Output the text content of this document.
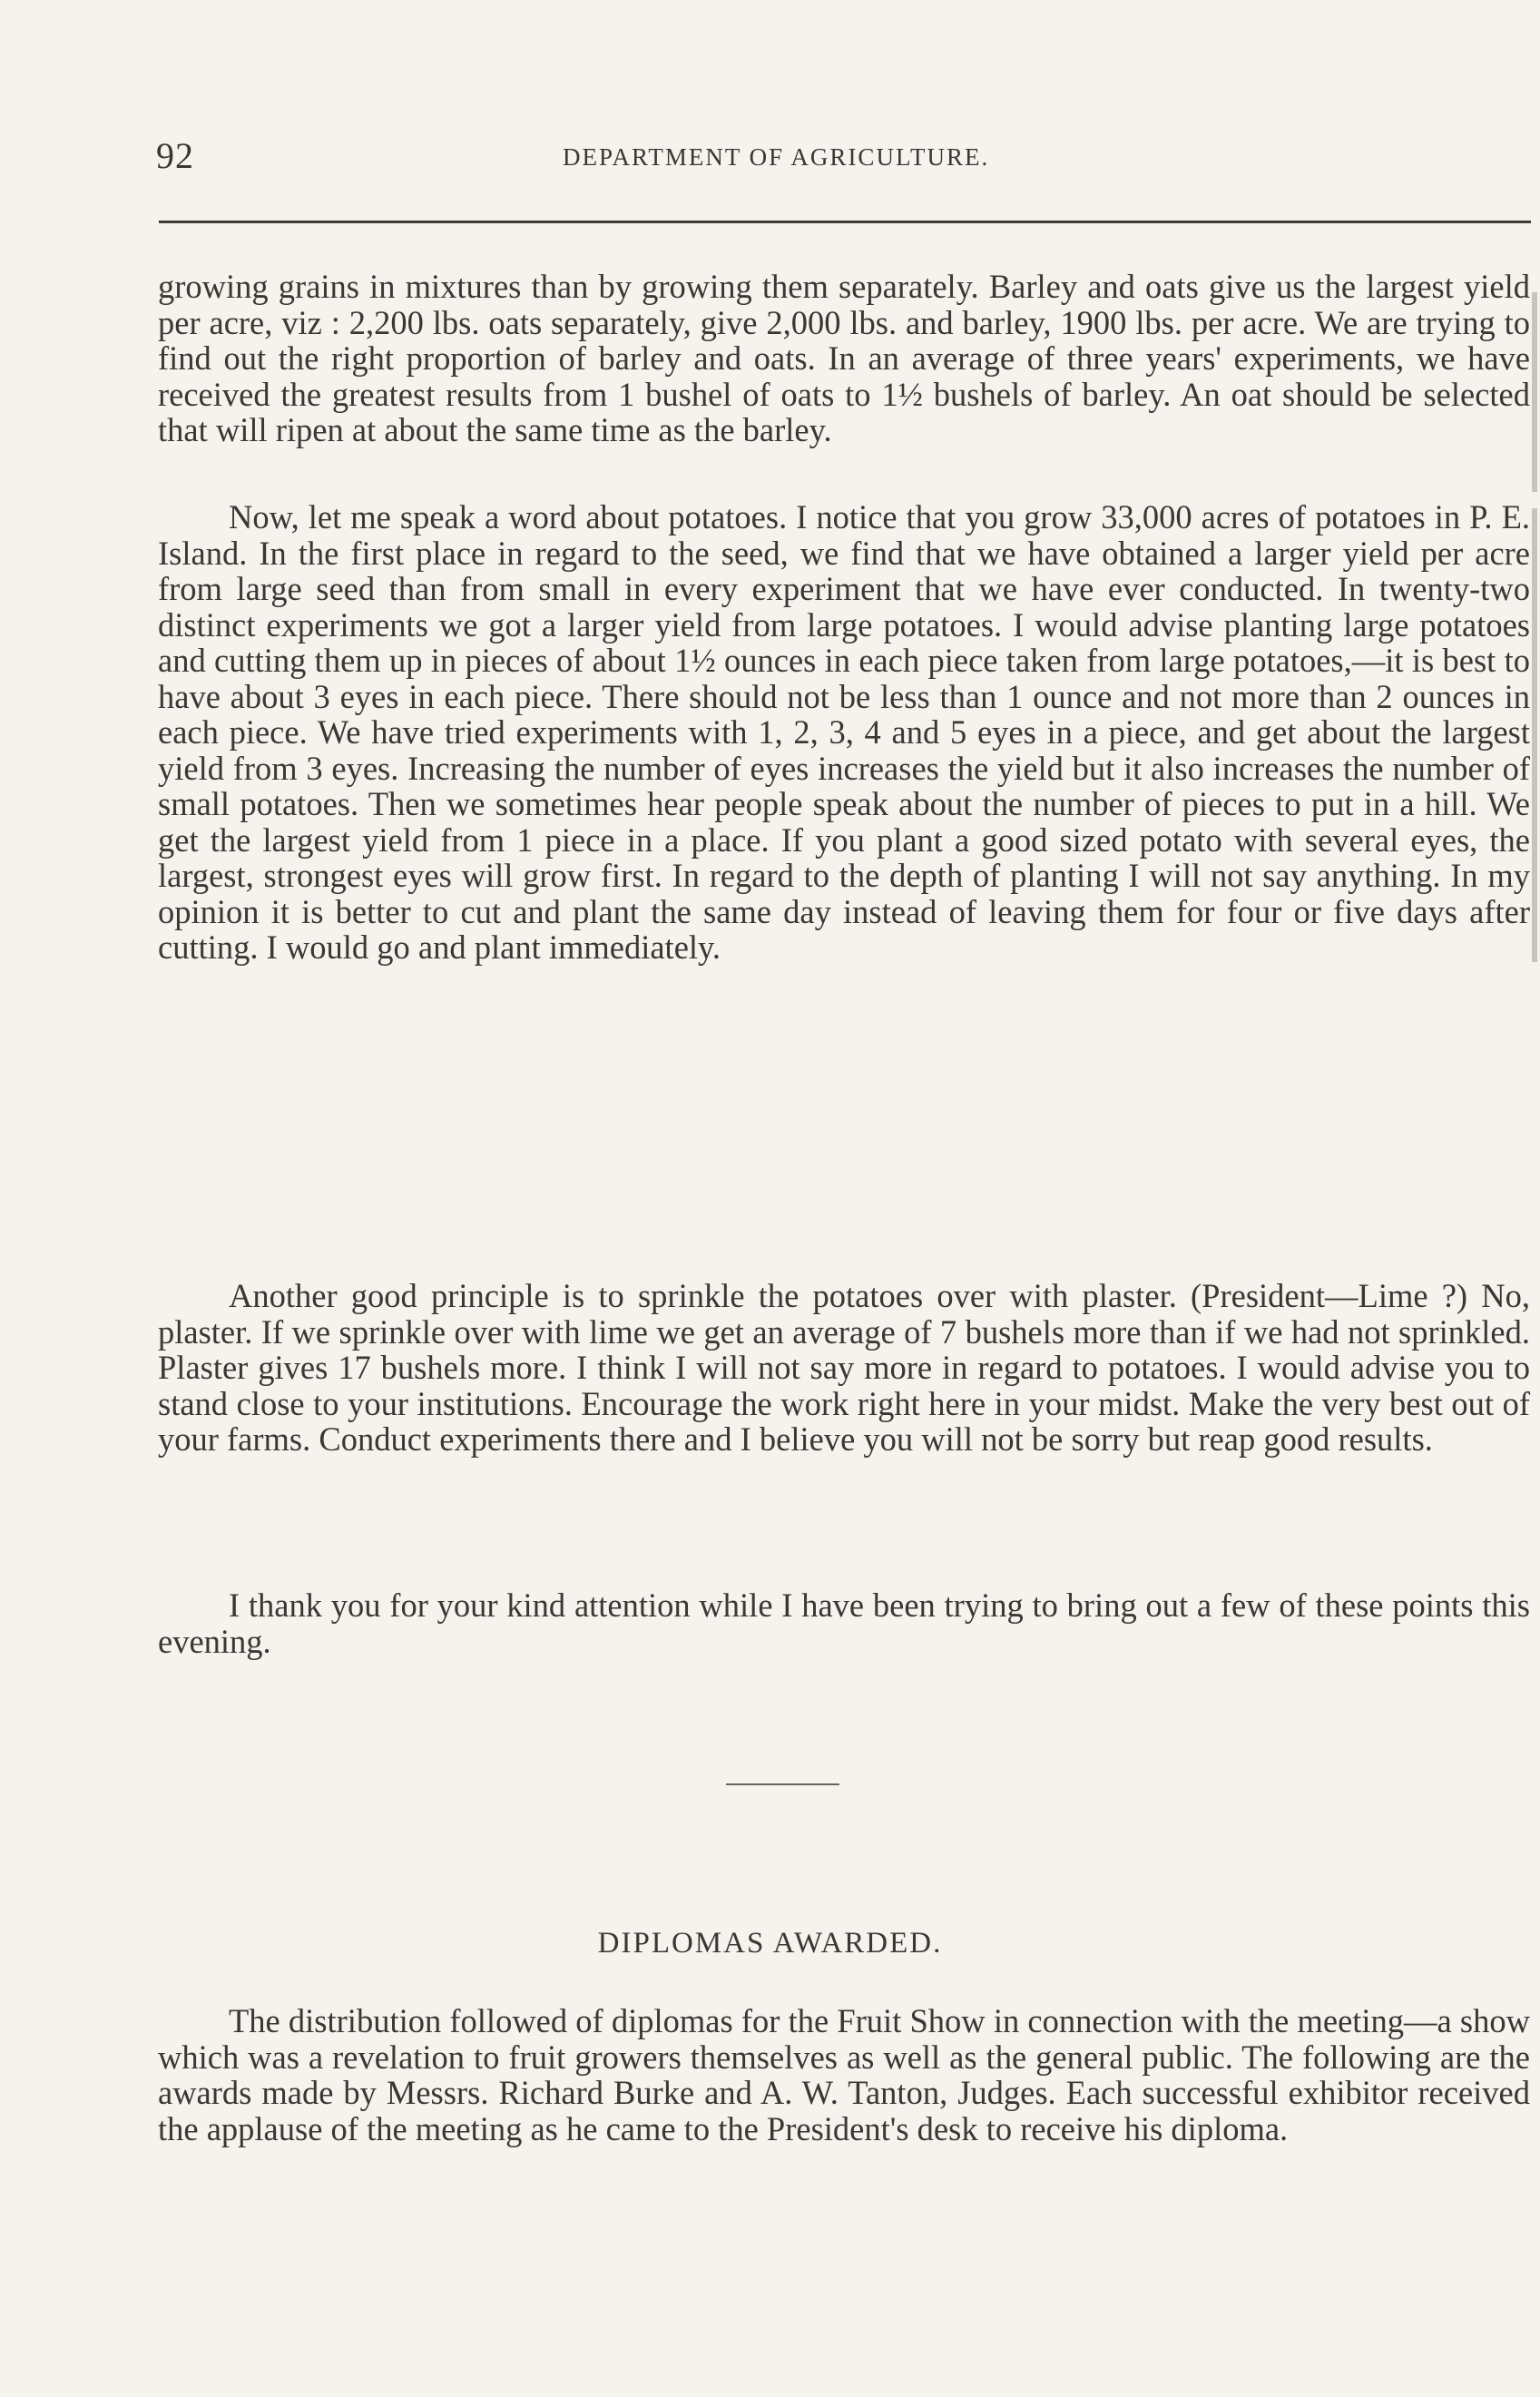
92	DEPARTMENT OF AGRICULTURE.

growing grains in mixtures than by growing them separately. Barley and oats give us the largest yield per acre, viz : 2,200 lbs. oats separately, give 2,000 lbs. and barley, 1900 lbs. per acre. We are trying to find out the right proportion of barley and oats. In an average of three years' experiments, we have received the greatest results from 1 bushel of oats to 1½ bushels of barley. An oat should be selected that will ripen at about the same time as the barley.

Now, let me speak a word about potatoes. I notice that you grow 33,000 acres of potatoes in P. E. Island. In the first place in regard to the seed, we find that we have obtained a larger yield per acre from large seed than from small in every experiment that we have ever conducted. In twenty-two distinct experiments we got a larger yield from large potatoes. I would advise planting large potatoes and cutting them up in pieces of about 1½ ounces in each piece taken from large potatoes,—it is best to have about 3 eyes in each piece. There should not be less than 1 ounce and not more than 2 ounces in each piece. We have tried experiments with 1, 2, 3, 4 and 5 eyes in a piece, and get about the largest yield from 3 eyes. Increasing the number of eyes increases the yield but it also increases the number of small potatoes. Then we sometimes hear people speak about the number of pieces to put in a hill. We get the largest yield from 1 piece in a place. If you plant a good sized potato with several eyes, the largest, strongest eyes will grow first. In regard to the depth of planting I will not say anything. In my opinion it is better to cut and plant the same day instead of leaving them for four or five days after cutting. I would go and plant immediately.

Another good principle is to sprinkle the potatoes over with plaster. (President—Lime ?) No, plaster. If we sprinkle over with lime we get an average of 7 bushels more than if we had not sprinkled. Plaster gives 17 bushels more. I think I will not say more in regard to potatoes. I would advise you to stand close to your institutions. Encourage the work right here in your midst. Make the very best out of your farms. Conduct experiments there and I believe you will not be sorry but reap good results.

I thank you for your kind attention while I have been trying to bring out a few of these points this evening.

DIPLOMAS AWARDED.

The distribution followed of diplomas for the Fruit Show in connection with the meeting—a show which was a revelation to fruit growers themselves as well as the general public. The following are the awards made by Messrs. Richard Burke and A. W. Tanton, Judges. Each successful exhibitor received the applause of the meeting as he came to the President's desk to receive his diploma.
